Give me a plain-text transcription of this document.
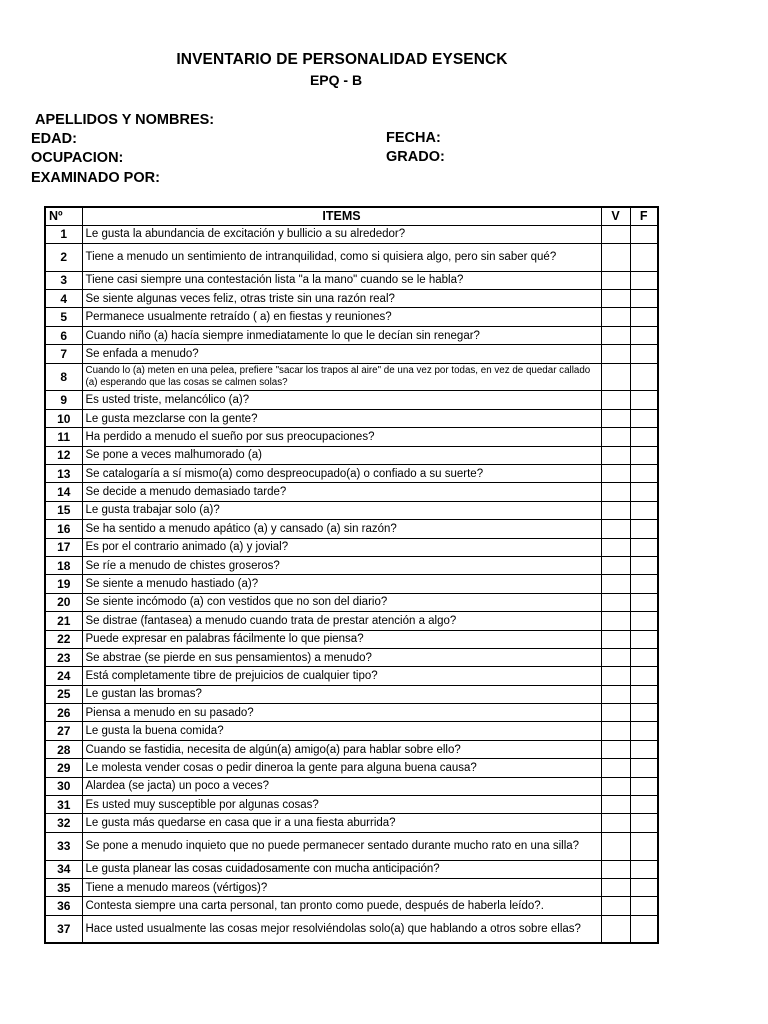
INVENTARIO DE PERSONALIDAD EYSENCK
EPQ - B
APELLIDOS Y NOMBRES:
EDAD:	FECHA:
OCUPACION:	GRADO:
EXAMINADO POR:
Nº	ITEMS	V	F
1	Le gusta la abundancia de excitación y bullicio a su alrededor?		
2	Tiene a menudo un sentimiento de intranquilidad, como si quisiera algo, pero sin saber qué?		
3	Tiene casi siempre una contestación lista "a la mano" cuando se le habla?		
4	Se siente algunas veces feliz, otras triste sin una razón real?		
5	Permanece usualmente retraído ( a) en fiestas y reuniones?		
6	Cuando niño (a) hacía siempre inmediatamente lo que le decían sin renegar?		
7	Se enfada a menudo?		
8	Cuando lo (a) meten en una pelea, prefiere "sacar los trapos al aire" de una vez por todas, en vez de quedar callado (a) esperando que las cosas se calmen solas?		
9	Es usted triste, melancólico (a)?		
10	Le gusta mezclarse con la gente?		
11	Ha perdido a menudo el sueño por sus preocupaciones?		
12	Se pone a veces malhumorado (a)		
13	Se catalogaría a sí mismo(a) como despreocupado(a) o confiado a su suerte?		
14	Se decide a menudo demasiado tarde?		
15	Le gusta trabajar solo (a)?		
16	Se ha sentido a menudo apático (a) y cansado (a) sin razón?		
17	Es por el contrario animado (a) y jovial?		
18	Se ríe a menudo de chistes groseros?		
19	Se siente a menudo hastiado (a)?		
20	Se siente incómodo (a) con vestidos que no son del diario?		
21	Se distrae (fantasea) a menudo cuando trata de prestar atención a algo?		
22	Puede expresar en palabras fácilmente lo que piensa?		
23	Se abstrae (se pierde en sus pensamientos) a menudo?		
24	Está completamente tibre de prejuicios de cualquier tipo?		
25	Le gustan las bromas?		
26	Piensa a menudo en su pasado?		
27	Le gusta la buena comida?		
28	Cuando se fastidia, necesita de algún(a) amigo(a) para hablar sobre ello?		
29	Le molesta vender cosas o pedir dineroa la gente para alguna buena causa?		
30	Alardea (se jacta) un poco a veces?		
31	Es usted muy susceptible por algunas cosas?		
32	Le gusta más quedarse en casa que ir a una fiesta aburrida?		
33	Se pone a menudo inquieto que no puede permanecer sentado durante mucho rato en una silla?		
34	Le gusta planear las cosas cuidadosamente con mucha anticipación?		
35	Tiene a menudo mareos (vértigos)?		
36	Contesta siempre una carta personal, tan pronto como puede, después de haberla leído?.		
37	Hace usted usualmente las cosas mejor resolviéndolas solo(a) que hablando a otros sobre ellas?		
